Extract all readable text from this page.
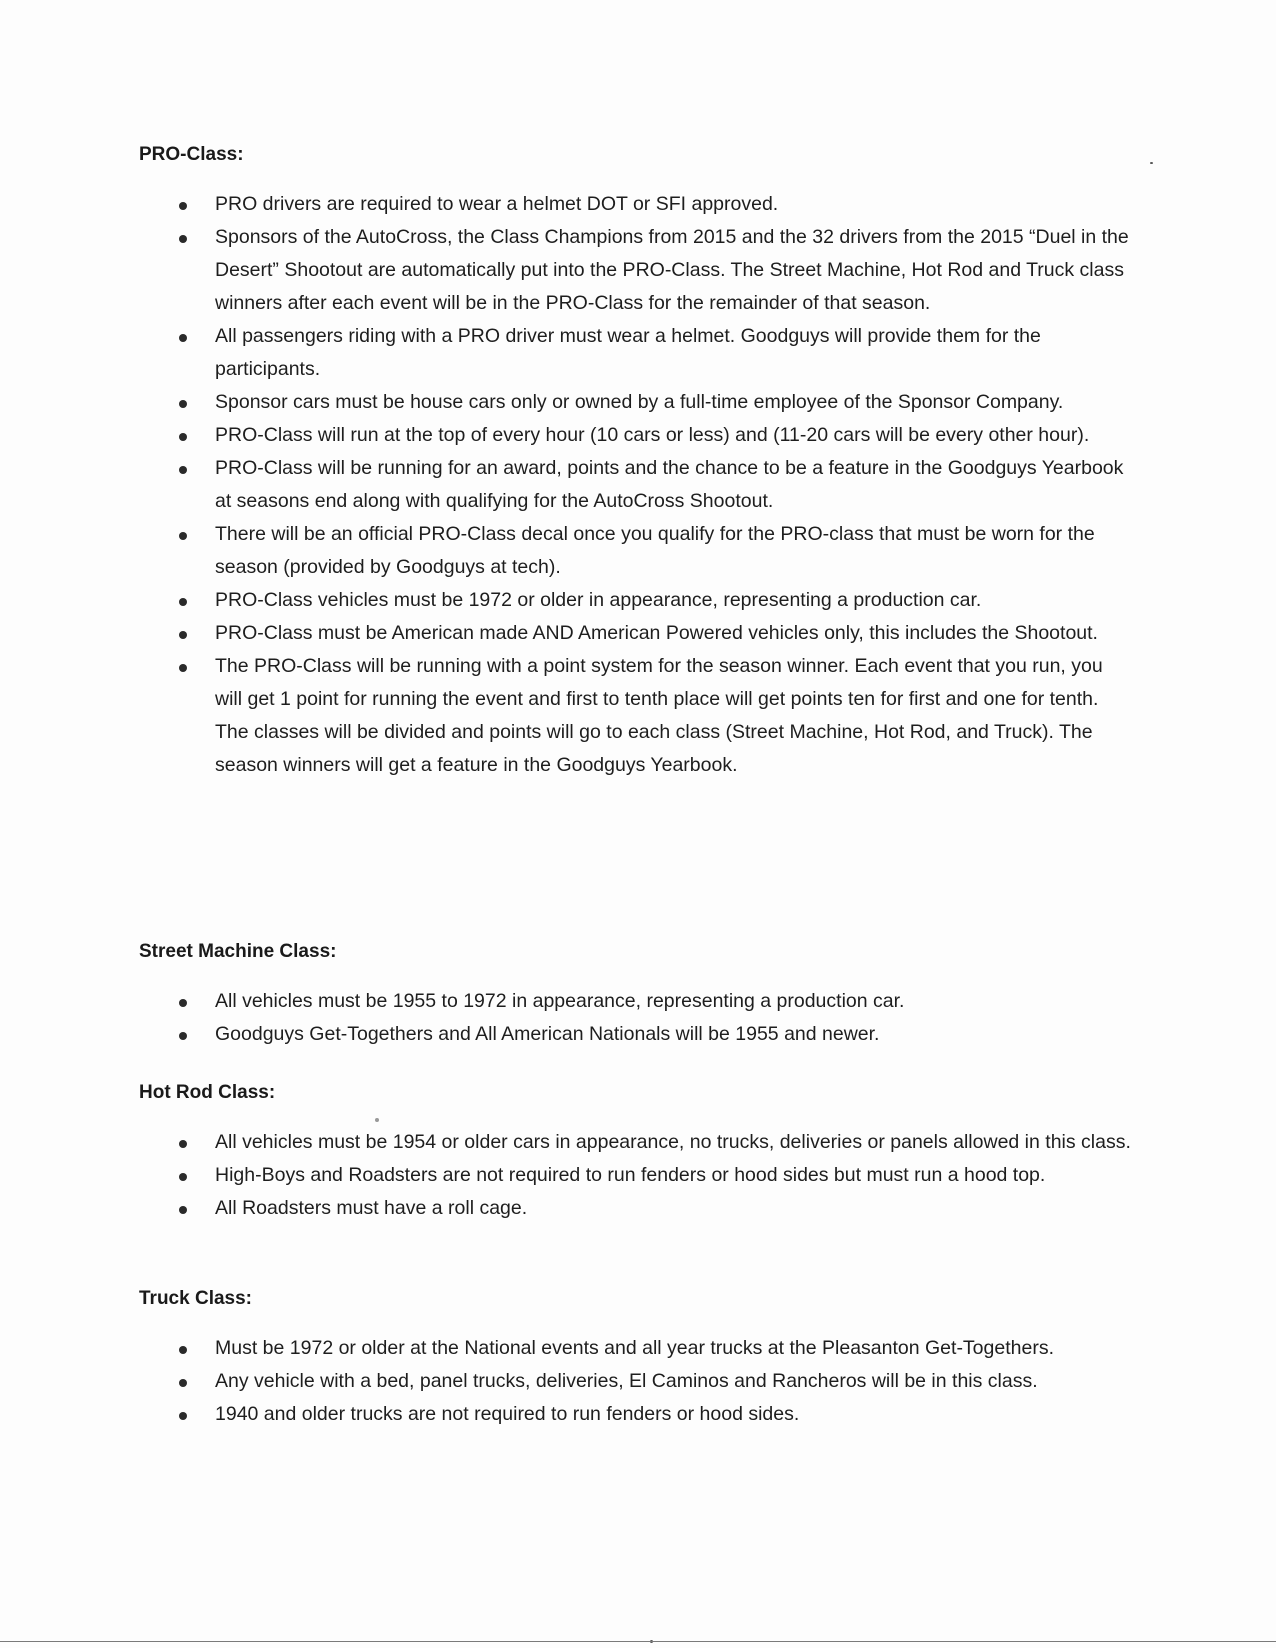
PRO-Class:
PRO drivers are required to wear a helmet DOT or SFI approved.
Sponsors of the AutoCross, the Class Champions from 2015 and the 32 drivers from the 2015 “Duel in the Desert” Shootout are automatically put into the PRO-Class. The Street Machine, Hot Rod and Truck class winners after each event will be in the PRO-Class for the remainder of that season.
All passengers riding with a PRO driver must wear a helmet. Goodguys will provide them for the participants.
Sponsor cars must be house cars only or owned by a full-time employee of the Sponsor Company.
PRO-Class will run at the top of every hour (10 cars or less) and (11-20 cars will be every other hour).
PRO-Class will be running for an award, points and the chance to be a feature in the Goodguys Yearbook at seasons end along with qualifying for the AutoCross Shootout.
There will be an official PRO-Class decal once you qualify for the PRO-class that must be worn for the season (provided by Goodguys at tech).
PRO-Class vehicles must be 1972 or older in appearance, representing a production car.
PRO-Class must be American made AND American Powered vehicles only, this includes the Shootout.
The PRO-Class will be running with a point system for the season winner. Each event that you run, you will get 1 point for running the event and first to tenth place will get points ten for first and one for tenth. The classes will be divided and points will go to each class (Street Machine, Hot Rod, and Truck). The season winners will get a feature in the Goodguys Yearbook.
Street Machine Class:
All vehicles must be 1955 to 1972 in appearance, representing a production car.
Goodguys Get-Togethers and All American Nationals will be 1955 and newer.
Hot Rod Class:
All vehicles must be 1954 or older cars in appearance, no trucks, deliveries or panels allowed in this class.
High-Boys and Roadsters are not required to run fenders or hood sides but must run a hood top.
All Roadsters must have a roll cage.
Truck Class:
Must be 1972 or older at the National events and all year trucks at the Pleasanton Get-Togethers.
Any vehicle with a bed, panel trucks, deliveries, El Caminos and Rancheros will be in this class.
1940 and older trucks are not required to run fenders or hood sides.
